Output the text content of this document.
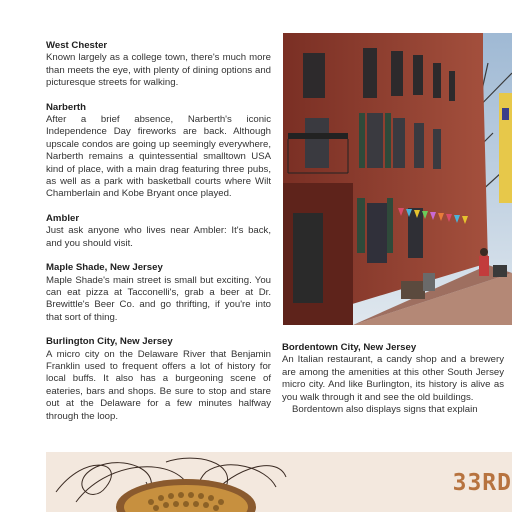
West Chester

Known largely as a college town, there's much more than meets the eye, with plenty of dining options and picturesque streets for walking.

Narberth

After a brief absence, Narberth's iconic Independence Day fireworks are back. Although upscale condos are going up seemingly everywhere, Narberth remains a quintessential smalltown USA kind of place, with a main drag featuring three pubs, as well as a park with basketball courts where Wilt Chamberlain and Kobe Bryant once played.

Ambler

Just ask anyone who lives near Ambler: It's back, and you should visit.

Maple Shade, New Jersey

Maple Shade's main street is small but exciting. You can eat pizza at Tacconelli's, grab a beer at Dr. Brewittle's Beer Co. and go thrifting, if you're into that sort of thing.

Burlington City, New Jersey

A micro city on the Delaware River that Benjamin Franklin used to frequent offers a lot of history for local buffs. It also has a burgeoning scene of eateries, bars and shops. Be sure to stop and stare out at the Delaware for a few minutes halfway through the loop.

Bordentown City, New Jersey

An Italian restaurant, a candy shop and a brewery are among the amenities at this other South Jersey micro city. And like Burlington, its history is alive as you walk through it and see the old buildings.

Bordentown also displays signs that explain

33RD
